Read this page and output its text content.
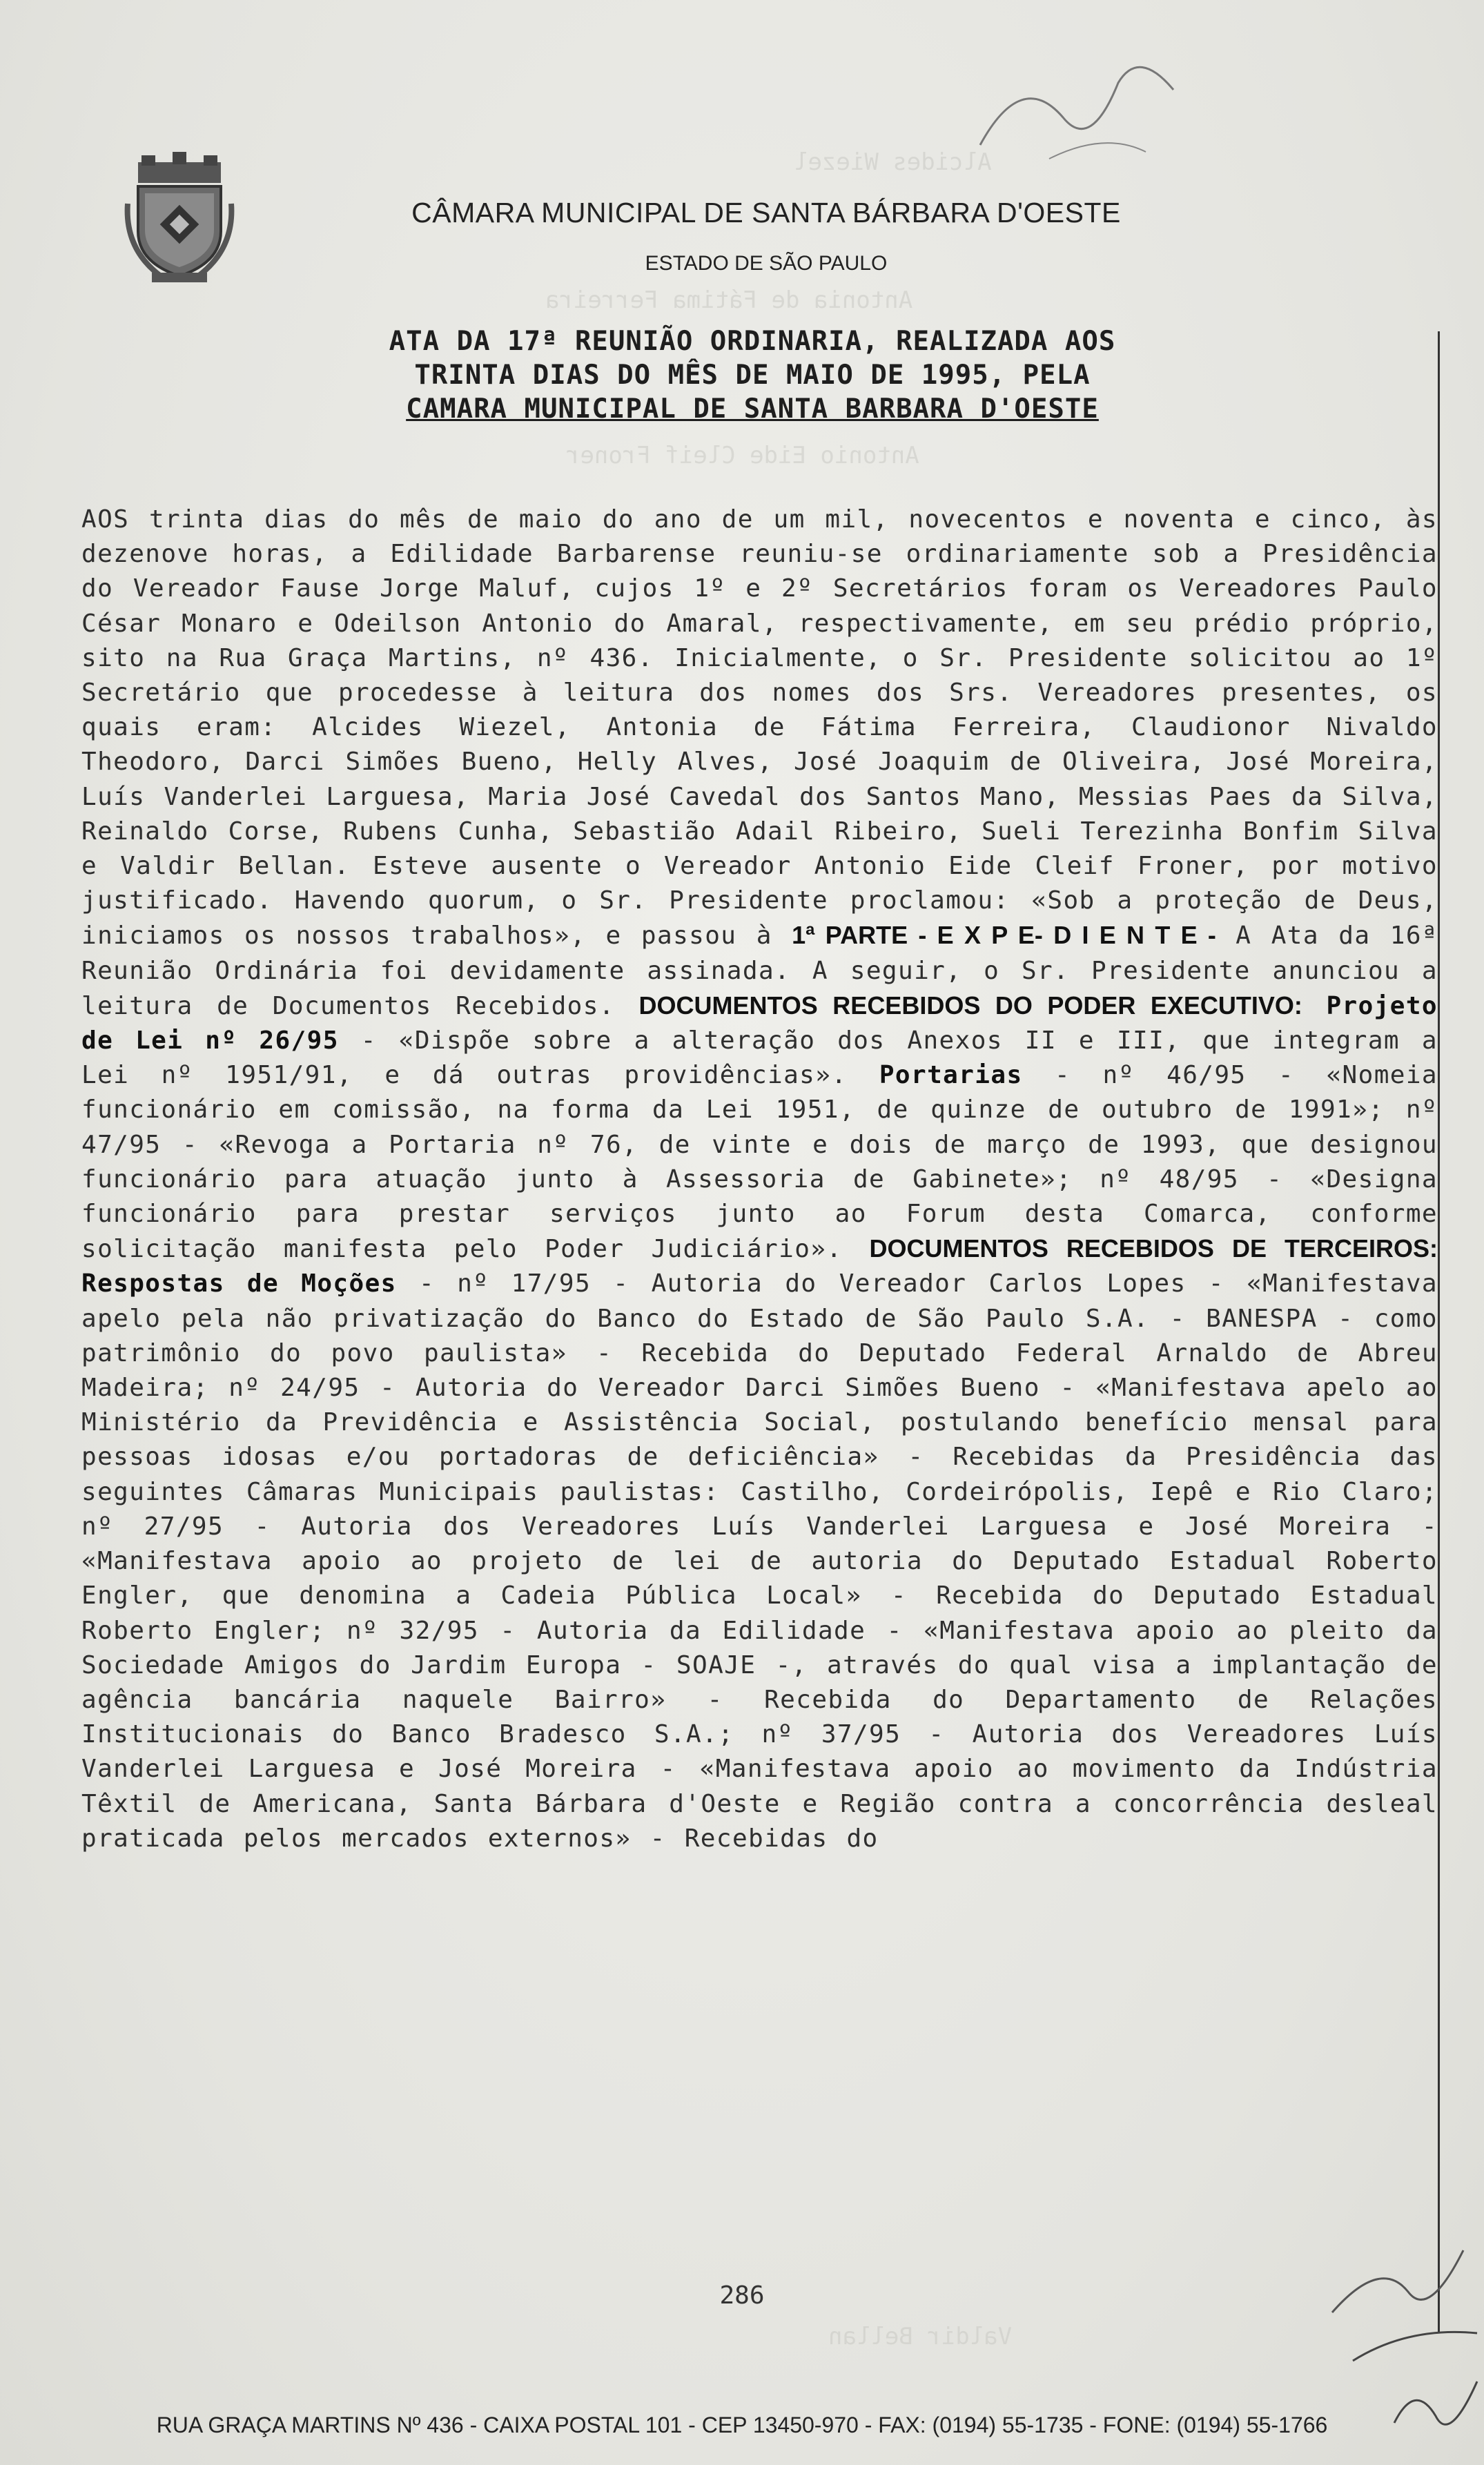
Alcides Wiezel
Antonia de Fátima Ferreira
Antonio Eide Cleif Froner
Valdir Bellan
CÂMARA MUNICIPAL DE SANTA BÁRBARA D'OESTE
ESTADO DE SÃO PAULO
ATA DA 17ª REUNIÃO ORDINARIA, REALIZADA AOS
TRINTA DIAS DO MÊS DE MAIO DE 1995, PELA
CAMARA MUNICIPAL DE SANTA BARBARA D'OESTE
AOS trinta dias do mês de maio do ano de um mil, novecentos e noventa e cinco, às dezenove horas, a Edilidade Barbarense reuniu-se ordinariamente sob a Presidência do Vereador Fause Jorge Maluf, cujos 1º e 2º Secretários foram os Vereadores Paulo César Monaro e Odeilson Antonio do Amaral, respectivamente, em seu prédio próprio, sito na Rua Graça Martins, nº 436. Inicialmente, o Sr. Presidente solicitou ao 1º Secretário que procedesse à leitura dos nomes dos Srs. Vereadores presentes, os quais eram: Alcides Wiezel, Antonia de Fátima Ferreira, Claudionor Nivaldo Theodoro, Darci Simões Bueno, Helly Alves, José Joaquim de Oliveira, José Moreira, Luís Vanderlei Larguesa, Maria José Cavedal dos Santos Mano, Messias Paes da Silva, Reinaldo Corse, Rubens Cunha, Sebastião Adail Ribeiro, Sueli Terezinha Bonfim Silva e Valdir Bellan. Esteve ausente o Vereador Antonio Eide Cleif Froner, por motivo justificado. Havendo quorum, o Sr. Presidente proclamou: «Sob a proteção de Deus, iniciamos os nossos trabalhos», e passou à 1ª PARTE - E X P E- D I E N T E - A Ata da 16ª Reunião Ordinária foi devidamente assinada. A seguir, o Sr. Presidente anunciou a leitura de Documentos Recebidos. DOCUMENTOS RECEBIDOS DO PODER EXECUTIVO: Projeto de Lei nº 26/95 - «Dispõe sobre a alteração dos Anexos II e III, que integram a Lei nº 1951/91, e dá outras providências». Portarias - nº 46/95 - «Nomeia funcionário em comissão, na forma da Lei 1951, de quinze de outubro de 1991»; nº 47/95 - «Revoga a Portaria nº 76, de vinte e dois de março de 1993, que designou funcionário para atuação junto à Assessoria de Gabinete»; nº 48/95 - «Designa funcionário para prestar serviços junto ao Forum desta Comarca, conforme solicitação manifesta pelo Poder Judiciário». DOCUMENTOS RECEBIDOS DE TERCEIROS: Respostas de Moções - nº 17/95 - Autoria do Vereador Carlos Lopes - «Manifestava apelo pela não privatização do Banco do Estado de São Paulo S.A. - BANESPA - como patrimônio do povo paulista» - Recebida do Deputado Federal Arnaldo de Abreu Madeira; nº 24/95 - Autoria do Vereador Darci Simões Bueno - «Manifestava apelo ao Ministério da Previdência e Assistência Social, postulando benefício mensal para pessoas idosas e/ou portadoras de deficiência» - Recebidas da Presidência das seguintes Câmaras Municipais paulistas: Castilho, Cordeirópolis, Iepê e Rio Claro; nº 27/95 - Autoria dos Vereadores Luís Vanderlei Larguesa e José Moreira - «Manifestava apoio ao projeto de lei de autoria do Deputado Estadual Roberto Engler, que denomina a Cadeia Pública Local» - Recebida do Deputado Estadual Roberto Engler; nº 32/95 - Autoria da Edilidade - «Manifestava apoio ao pleito da Sociedade Amigos do Jardim Europa - SOAJE -, através do qual visa a implantação de agência bancária naquele Bairro» - Recebida do Departamento de Relações Institucionais do Banco Bradesco S.A.; nº 37/95 - Autoria dos Vereadores Luís Vanderlei Larguesa e José Moreira - «Manifestava apoio ao movimento da Indústria Têxtil de Americana, Santa Bárbara d'Oeste e Região contra a concorrência desleal praticada pelos mercados externos» - Recebidas do
286
RUA GRAÇA MARTINS Nº 436 - CAIXA POSTAL 101 - CEP 13450-970 - FAX: (0194) 55-1735 - FONE: (0194) 55-1766
